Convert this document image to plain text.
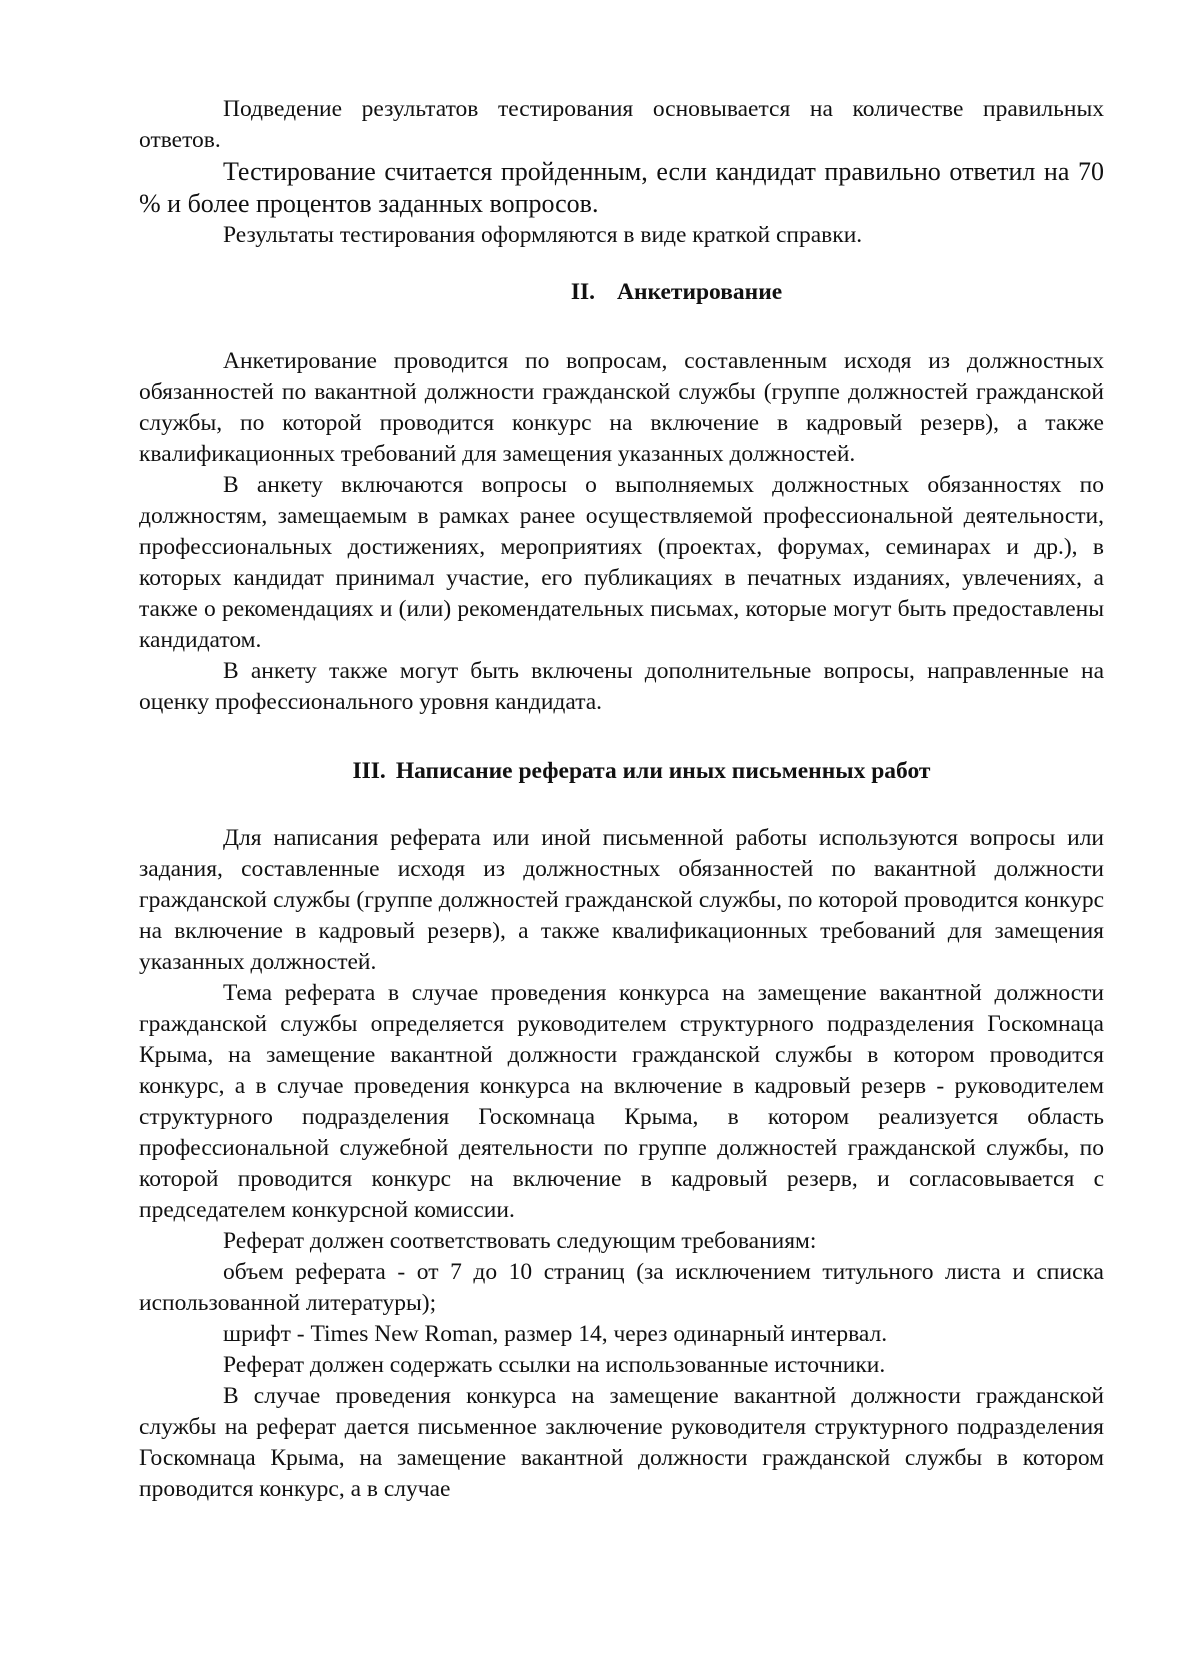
Подведение результатов тестирования основывается на количестве правильных ответов.

Тестирование считается пройденным, если кандидат правильно ответил на 70 % и более процентов заданных вопросов.

Результаты тестирования оформляются в виде краткой справки.

II. Анкетирование

Анкетирование проводится по вопросам, составленным исходя из должностных обязанностей по вакантной должности гражданской службы (группе должностей гражданской службы, по которой проводится конкурс на включение в кадровый резерв), а также квалификационных требований для замещения указанных должностей.

В анкету включаются вопросы о выполняемых должностных обязанностях по должностям, замещаемым в рамках ранее осуществляемой профессиональной деятельности, профессиональных достижениях, мероприятиях (проектах, форумах, семинарах и др.), в которых кандидат принимал участие, его публикациях в печатных изданиях, увлечениях, а также о рекомендациях и (или) рекомендательных письмах, которые могут быть предоставлены кандидатом.

В анкету также могут быть включены дополнительные вопросы, направленные на оценку профессионального уровня кандидата.

III. Написание реферата или иных письменных работ

Для написания реферата или иной письменной работы используются вопросы или задания, составленные исходя из должностных обязанностей по вакантной должности гражданской службы (группе должностей гражданской службы, по которой проводится конкурс на включение в кадровый резерв), а также квалификационных требований для замещения указанных должностей.

Тема реферата в случае проведения конкурса на замещение вакантной должности гражданской службы определяется руководителем структурного подразделения Госкомнаца Крыма, на замещение вакантной должности гражданской службы в котором проводится конкурс, а в случае проведения конкурса на включение в кадровый резерв - руководителем структурного подразделения Госкомнаца Крыма, в котором реализуется область профессиональной служебной деятельности по группе должностей гражданской службы, по которой проводится конкурс на включение в кадровый резерв, и согласовывается с председателем конкурсной комиссии.

Реферат должен соответствовать следующим требованиям:

объем реферата - от 7 до 10 страниц (за исключением титульного листа и списка использованной литературы);

шрифт - Times New Roman, размер 14, через одинарный интервал.

Реферат должен содержать ссылки на использованные источники.

В случае проведения конкурса на замещение вакантной должности гражданской службы на реферат дается письменное заключение руководителя структурного подразделения Госкомнаца Крыма, на замещение вакантной должности гражданской службы в котором проводится конкурс, а в случае
